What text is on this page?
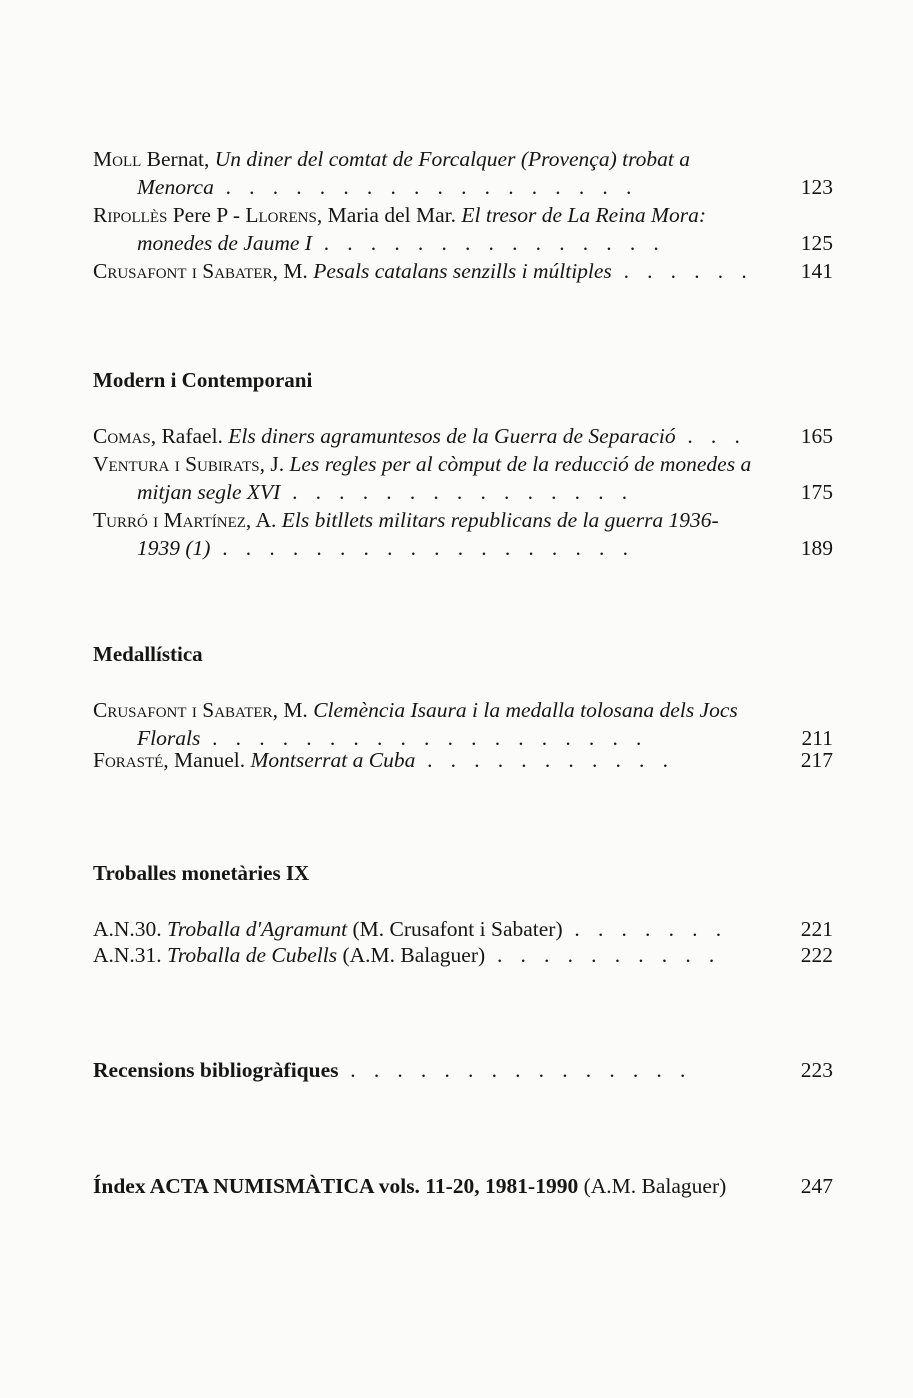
Moll Bernat, Un diner del comtat de Forcalquer (Provença) trobat a
Menorca . . . . . . . . . . . . . . . . . .	123
Ripollès Pere P - Llorens, Maria del Mar. El tresor de La Reina Mora:
monedes de Jaume I . . . . . . . . . . . . . . .	125
Crusafont i Sabater, M. Pesals catalans senzills i múltiples . . . . . . 141
Modern i Contemporani
Comas, Rafael. Els diners agramuntesos de la Guerra de Separació . . .	165
Ventura i Subirats, J. Les regles per al còmput de la reducció de monedes a
mitjan segle XVI . . . . . . . . . . . . . . .	175
Turró i Martínez, A. Els bitllets militars republicans de la guerra 1936-
1939 (1) . . . . . . . . . . . . . . . . . .	189
Medallística
Crusafont i Sabater, M. Clemència Isaura i la medalla tolosana dels Jocs
Florals . . . . . . . . . . . . . . . . . . .	211
Forasté, Manuel. Montserrat a Cuba . . . . . . . . . . .	217
Troballes monetàries IX
A.N.30. Troballa d'Agramunt (M. Crusafont i Sabater) . . . . . . .	221
A.N.31. Troballa de Cubells (A.M. Balaguer) . . . . . . . . . .	222
Recensions bibliogràfiques . . . . . . . . . . . . . . .	223
Índex ACTA NUMISMÀTICA vols. 11-20, 1981-1990 (A.M. Balaguer)	247
